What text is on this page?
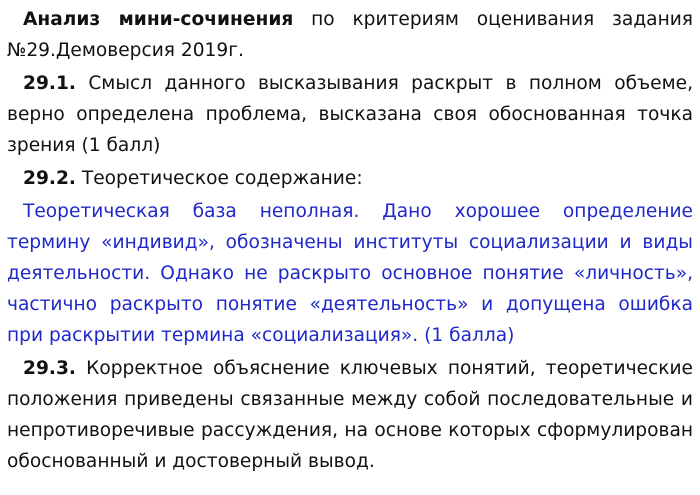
Анализ мини-сочинения по критериям оценивания задания №29.Демоверсия 2019г.

29.1. Смысл данного высказывания раскрыт в полном объеме, верно определена проблема, высказана своя обоснованная точка зрения (1 балл)

29.2. Теоретическое содержание:

Теоретическая база неполная. Дано хорошее определение термину «индивид», обозначены институты социализации и виды деятельности. Однако не раскрыто основное понятие «личность», частично раскрыто понятие «деятельность» и допущена ошибка при раскрытии термина «социализация». (1 балла)

29.3. Корректное объяснение ключевых понятий, теоретические положения приведены связанные между собой последовательные и непротиворечивые рассуждения, на основе которых сформулирован обоснованный и достоверный вывод.
